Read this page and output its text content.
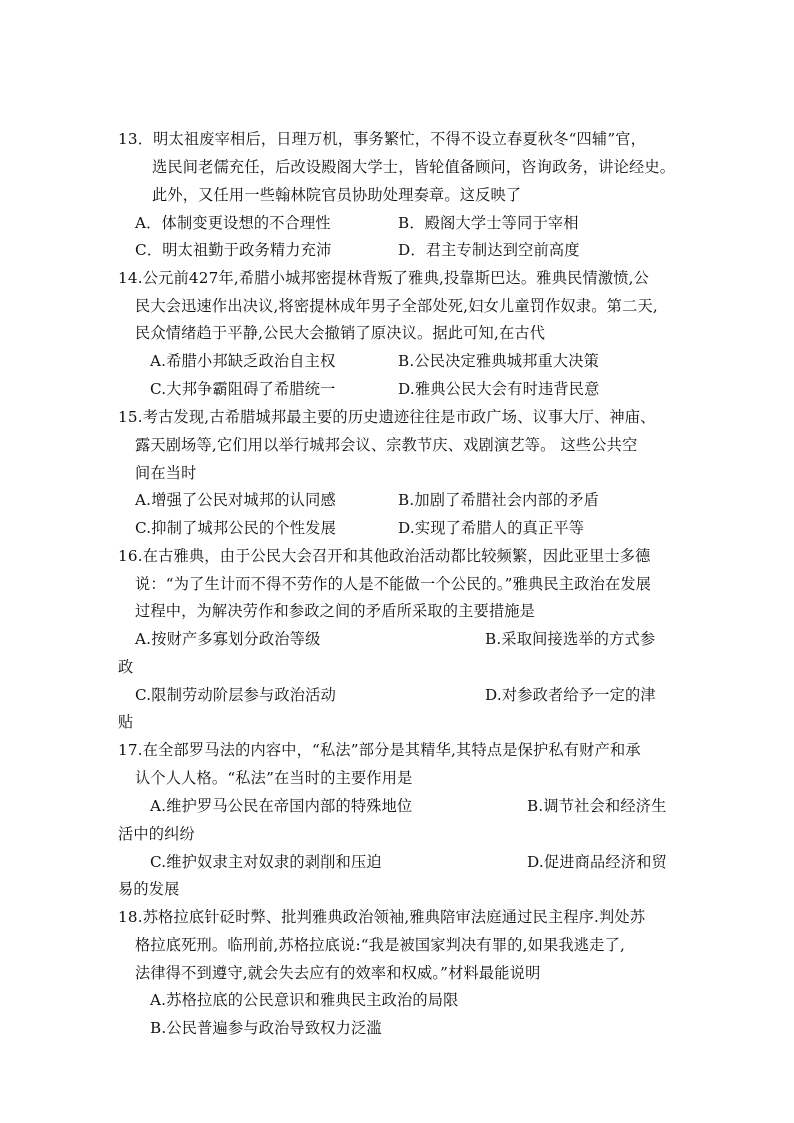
13．明太祖废宰相后，日理万机，事务繁忙，不得不设立春夏秋冬“四辅”官，
选民间老儒充任，后改设殿阁大学士，皆轮值备顾问，咨询政务，讲论经史。
此外，又任用一些翰林院官员协助处理奏章。这反映了
A．体制变更设想的不合理性	B．殿阁大学士等同于宰相
C．明太祖勤于政务精力充沛	D．君主专制达到空前高度
14.公元前427年,希腊小城邦密提林背叛了雅典,投靠斯巴达。雅典民情激愤,公
民大会迅速作出决议,将密提林成年男子全部处死,妇女儿童罚作奴隶。第二天,
民众情绪趋于平静,公民大会撤销了原决议。据此可知,在古代
A.希腊小邦缺乏政治自主权	B.公民决定雅典城邦重大决策
C.大邦争霸阻碍了希腊统一	D.雅典公民大会有时违背民意
15.考古发现,古希腊城邦最主要的历史遗迹往往是市政广场、议事大厅、神庙、
露天剧场等,它们用以举行城邦会议、宗教节庆、戏剧演艺等。 这些公共空
间在当时
A.增强了公民对城邦的认同感	B.加剧了希腊社会内部的矛盾
C.抑制了城邦公民的个性发展	D.实现了希腊人的真正平等
16.在古雅典，由于公民大会召开和其他政治活动都比较频繁，因此亚里士多德
说：“为了生计而不得不劳作的人是不能做一个公民的。”雅典民主政治在发展
过程中，为解决劳作和参政之间的矛盾所采取的主要措施是
A.按财产多寡划分政治等级	B.采取间接选举的方式参
政
C.限制劳动阶层参与政治活动	D.对参政者给予一定的津
贴
17.在全部罗马法的内容中，“私法”部分是其精华,其特点是保护私有财产和承
认个人人格。“私法”在当时的主要作用是
A.维护罗马公民在帝国内部的特殊地位	B.调节社会和经济生
活中的纠纷
C.维护奴隶主对奴隶的剥削和压迫	D.促进商品经济和贸
易的发展
18.苏格拉底针砭时弊、批判雅典政治领袖,雅典陪审法庭通过民主程序.判处苏
格拉底死刑。临刑前,苏格拉底说:“我是被国家判决有罪的,如果我逃走了,
法律得不到遵守,就会失去应有的效率和权威。”材料最能说明
A.苏格拉底的公民意识和雅典民主政治的局限
B.公民普遍参与政治导致权力泛滥
